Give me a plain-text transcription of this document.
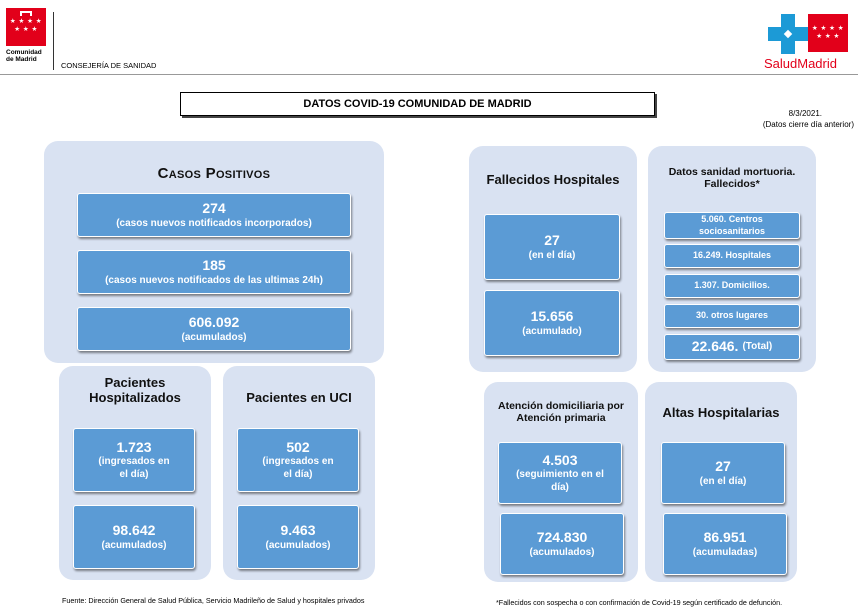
★ ★ ★ ★ ★ ★ ★
Comunidad
de Madrid
CONSEJERÍA DE SANIDAD
★ ★ ★ ★ ★ ★ ★
SaludMadrid
DATOS COVID-19 COMUNIDAD DE MADRID
8/3/2021.
(Datos cierre día anterior)
Casos Positivos
274
(casos nuevos notificados incorporados)
185
(casos nuevos notificados de las ultimas 24h)
606.092
(acumulados)
Pacientes
Hospitalizados
1.723
(ingresados en
el día)
98.642
(acumulados)
Pacientes en UCI
502
(ingresados en
el día)
9.463
(acumulados)
Fallecidos Hospitales
27
(en el día)
15.656
(acumulado)
Datos sanidad mortuoria.
Fallecidos*
5.060. Centros
sociosanitarios
16.249. Hospitales
1.307. Domicilios.
30. otros lugares
22.646. (Total)
Atención domiciliaria por
Atención primaria
4.503
(seguimiento en el
día)
724.830
(acumulados)
Altas Hospitalarias
27
(en el día)
86.951
(acumuladas)
Fuente: Dirección General de Salud Pública, Servicio Madrileño de Salud y hospitales privados	*Fallecidos con sospecha o con confirmación de Covid-19 según certificado de defunción.
